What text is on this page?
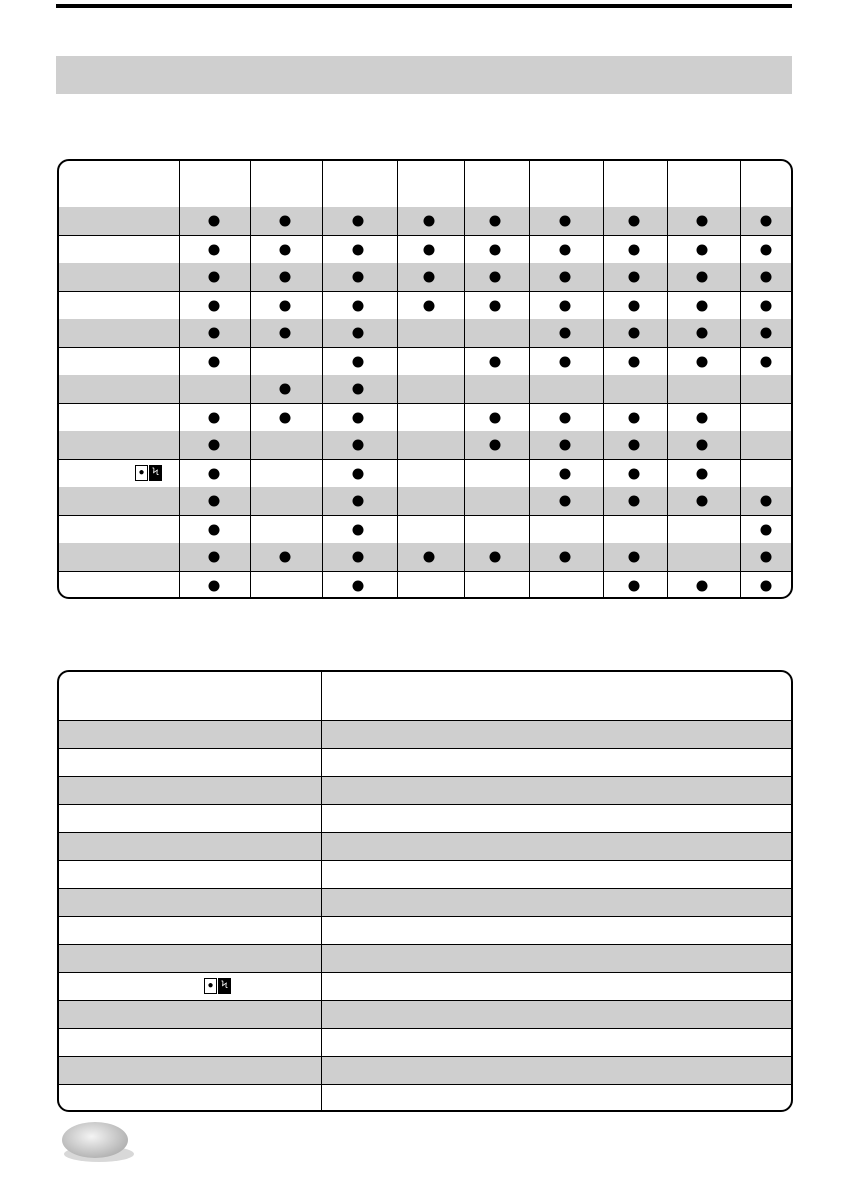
● Ϟ
● Ϟ
